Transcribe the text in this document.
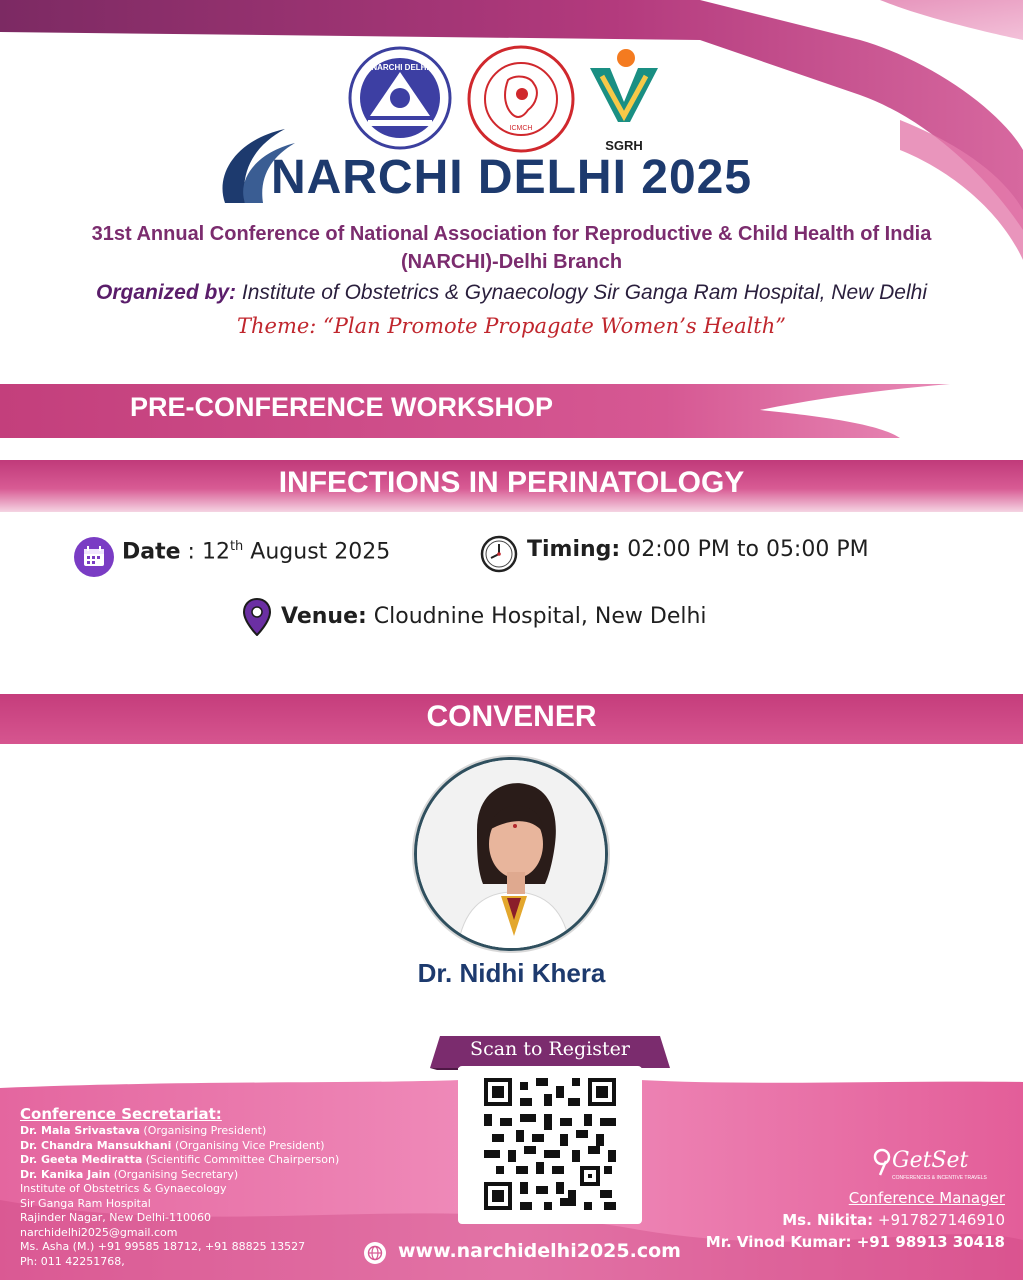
NARCHI DELHI
ICMCH
SGRH
NARCHI DELHI 2025
31st Annual Conference of National Association for Reproductive & Child Health of India
(NARCHI)-Delhi Branch
Organized by: Institute of Obstetrics & Gynaecology Sir Ganga Ram Hospital, New Delhi
Theme: “Plan Promote Propagate Women’s Health”
PRE-CONFERENCE WORKSHOP
INFECTIONS IN PERINATOLOGY
Date : 12th August 2025	Timing: 02:00 PM to 05:00 PM
Venue: Cloudnine Hospital, New Delhi
CONVENER
Dr. Nidhi Khera
Scan to Register
Conference Secretariat:
Dr. Mala Srivastava (Organising President)
Dr. Chandra Mansukhani (Organising Vice President)
Dr. Geeta Mediratta (Scientific Committee Chairperson)
Dr. Kanika Jain (Organising Secretary)
Institute of Obstetrics & Gynaecology
Sir Ganga Ram Hospital
Rajinder Nagar, New Delhi-110060
narchidelhi2025@gmail.com
Ms. Asha (M.) +91 99585 18712, +91 88825 13527
Ph: 011 42251768,	www.narchidelhi2025.com
GetSet
CONFERENCES & INCENTIVE TRAVELS
Conference Manager
Ms. Nikita: +917827146910
Mr. Vinod Kumar: +91 98913 30418
